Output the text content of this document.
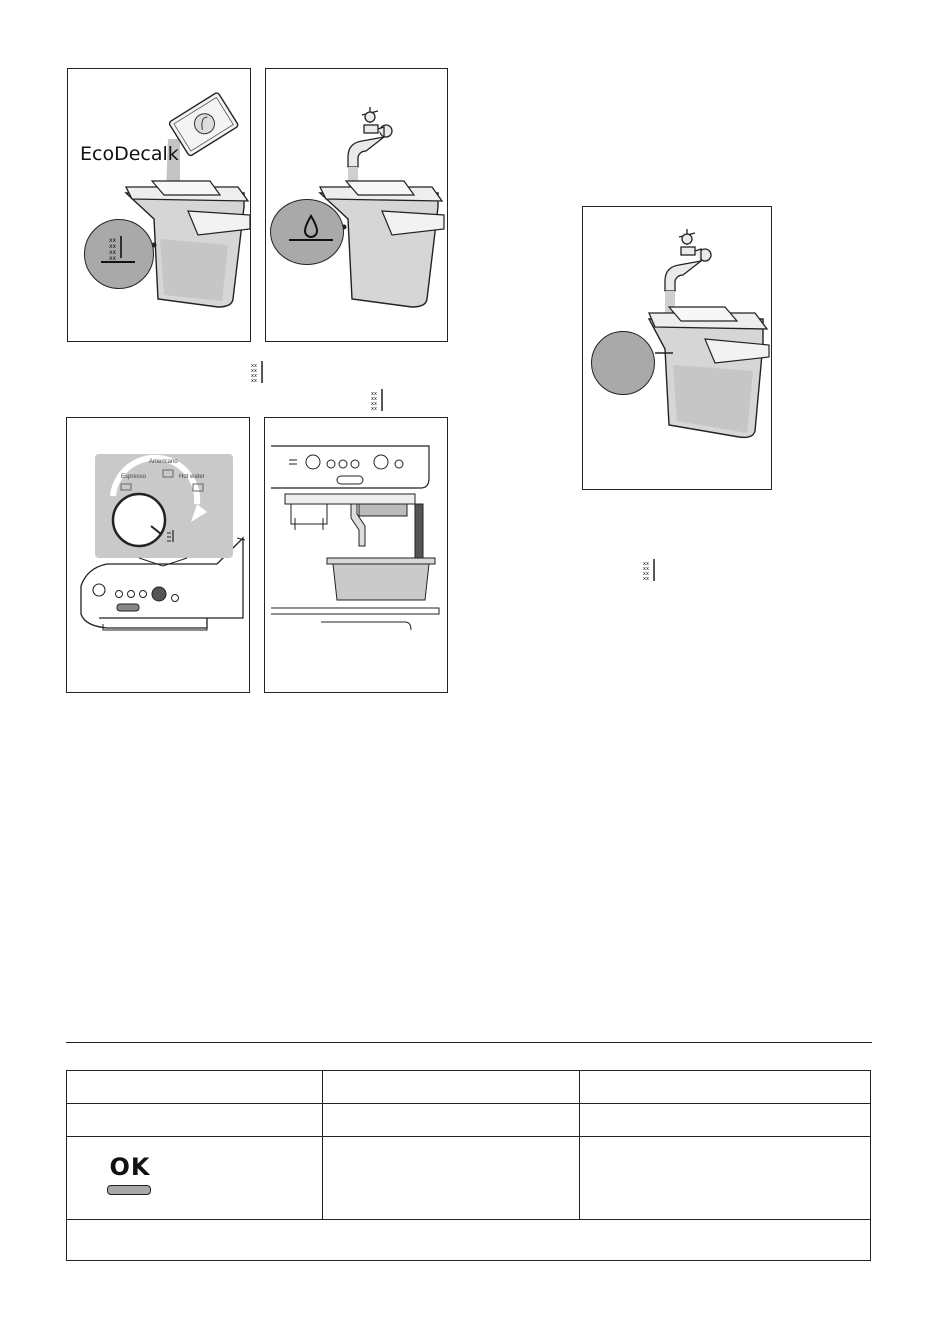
EcoDecalk
xx
xx
xx
xx
xx
xx
xx
xx
xx
xx
xx
xx
Americano
Espresso	Hot water
xx
xx
xx
xx

OK		
